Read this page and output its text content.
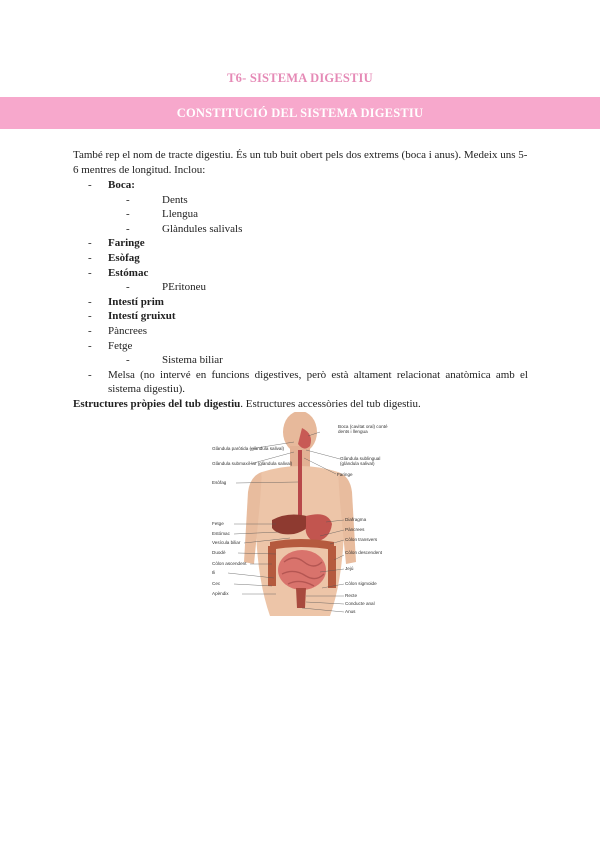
T6- SISTEMA DIGESTIU
CONSTITUCIÓ DEL SISTEMA DIGESTIU
També rep el nom de tracte digestiu. És un tub buit obert pels dos extrems (boca i anus). Medeix uns 5-6 mentres de longitud. Inclou:
- Boca:
-	Dents
-	Llengua
-	Glàndules salivals
- Faringe
- Esòfag
- Estómac
-	PEritoneu
- Intestí prim
- Intestí gruixut
- Pàncrees
- Fetge
-	Sistema biliar
- Melsa (no intervé en funcions digestives, però està altament relacionat anatòmica amb el sistema digestiu).
Estructures pròpies del tub digestiu. Estructures accessòries del tub digestiu.
Glàndula paròtida (glàndula salival)
Glàndula submaxil·lar (glàndula salival)
Esòfag
Fetge
Estómac
Vesícula biliar
Duodè
Còlon ascendent
Ili
Cec
Apèndix
Boca (cavitat oral) conté dents i llengua
Glàndula sublingual (glàndula salival)
Faringe
Diafragma
Pàncrees
Còlon transvers
Còlon descendent
Jejú
Còlon sigmoide
Recte
Conducte anal
Anus
